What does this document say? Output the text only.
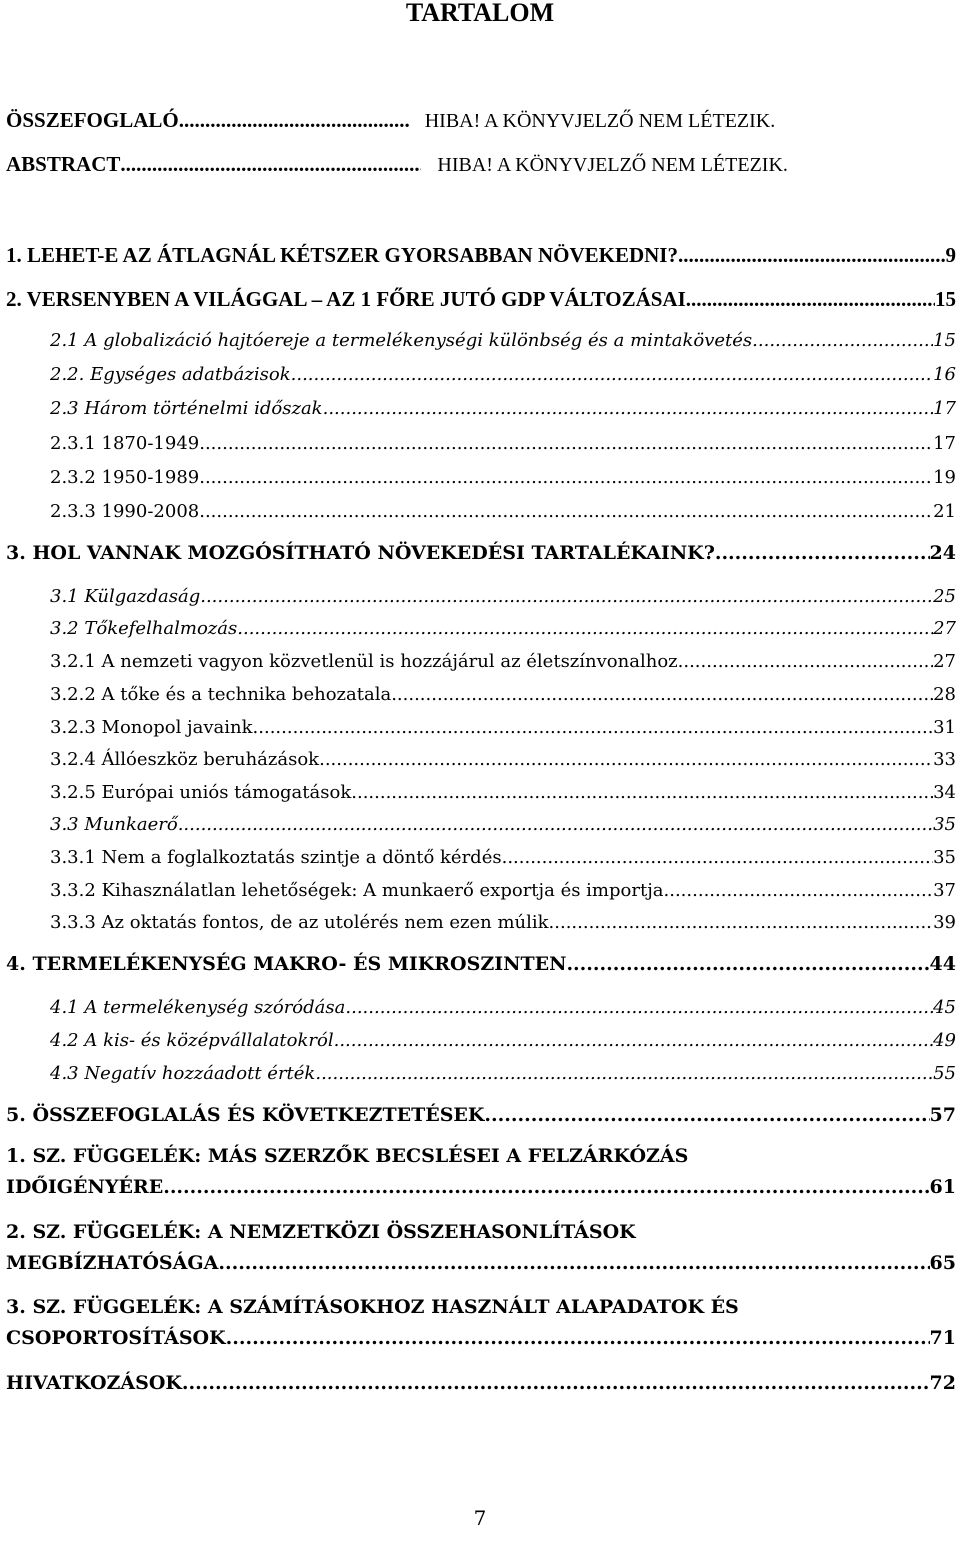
TARTALOM
ÖSSZEFOGLALÓ .....	HIBA! A KÖNYVJELZŐ NEM LÉTEZIK.
ABSTRACT .....	HIBA! A KÖNYVJELZŐ NEM LÉTEZIK.
1. LEHET-E AZ ÁTLAGNÁL KÉTSZER GYORSABBAN NÖVEKEDNI? .....	9
2. VERSENYBEN A VILÁGGAL – AZ 1 FŐRE JUTÓ GDP VÁLTOZÁSAI .....	15
2.1 A globalizáció hajtóereje a termelékenységi különbség és a mintakövetés .....	15
2.2. Egységes adatbázisok .....	16
2.3 Három történelmi időszak .....	17
2.3.1 1870-1949 .....	17
2.3.2 1950-1989 .....	19
2.3.3 1990-2008 .....	21
3. HOL VANNAK MOZGÓSÍTHATÓ NÖVEKEDÉSI TARTALÉKAINK? .....	24
3.1 Külgazdaság .....	25
3.2 Tőkefelhalmozás .....	27
3.2.1 A nemzeti vagyon közvetlenül is hozzájárul az életszínvonalhoz .....	27
3.2.2 A tőke és a technika behozatala .....	28
3.2.3 Monopol javaink .....	31
3.2.4 Állóeszköz beruházások .....	33
3.2.5 Európai uniós támogatások .....	34
3.3 Munkaerő .....	35
3.3.1 Nem a foglalkoztatás szintje a döntő kérdés .....	35
3.3.2 Kihasználatlan lehetőségek: A munkaerő exportja és importja .....	37
3.3.3 Az oktatás fontos, de az utolérés nem ezen múlik .....	39
4. TERMELÉKENYSÉG MAKRO- ÉS MIKROSZINTEN .....	44
4.1 A termelékenység szóródása .....	45
4.2 A kis- és középvállalatokról .....	49
4.3 Negatív hozzáadott érték .....	55
5. ÖSSZEFOGLALÁS ÉS KÖVETKEZTETÉSEK .....	57
1. SZ. FÜGGELÉK: MÁS SZERZŐK BECSLÉSEI A FELZÁRKÓZÁS
IDŐIGÉNYÉRE .....	61
2. SZ. FÜGGELÉK: A NEMZETKÖZI ÖSSZEHASONLÍTÁSOK
MEGBÍZHATÓSÁGA .....	65
3. SZ. FÜGGELÉK: A SZÁMÍTÁSOKHOZ HASZNÁLT ALAPADATOK ÉS
CSOPORTOSÍTÁSOK .....	71
HIVATKOZÁSOK .....	72
7
